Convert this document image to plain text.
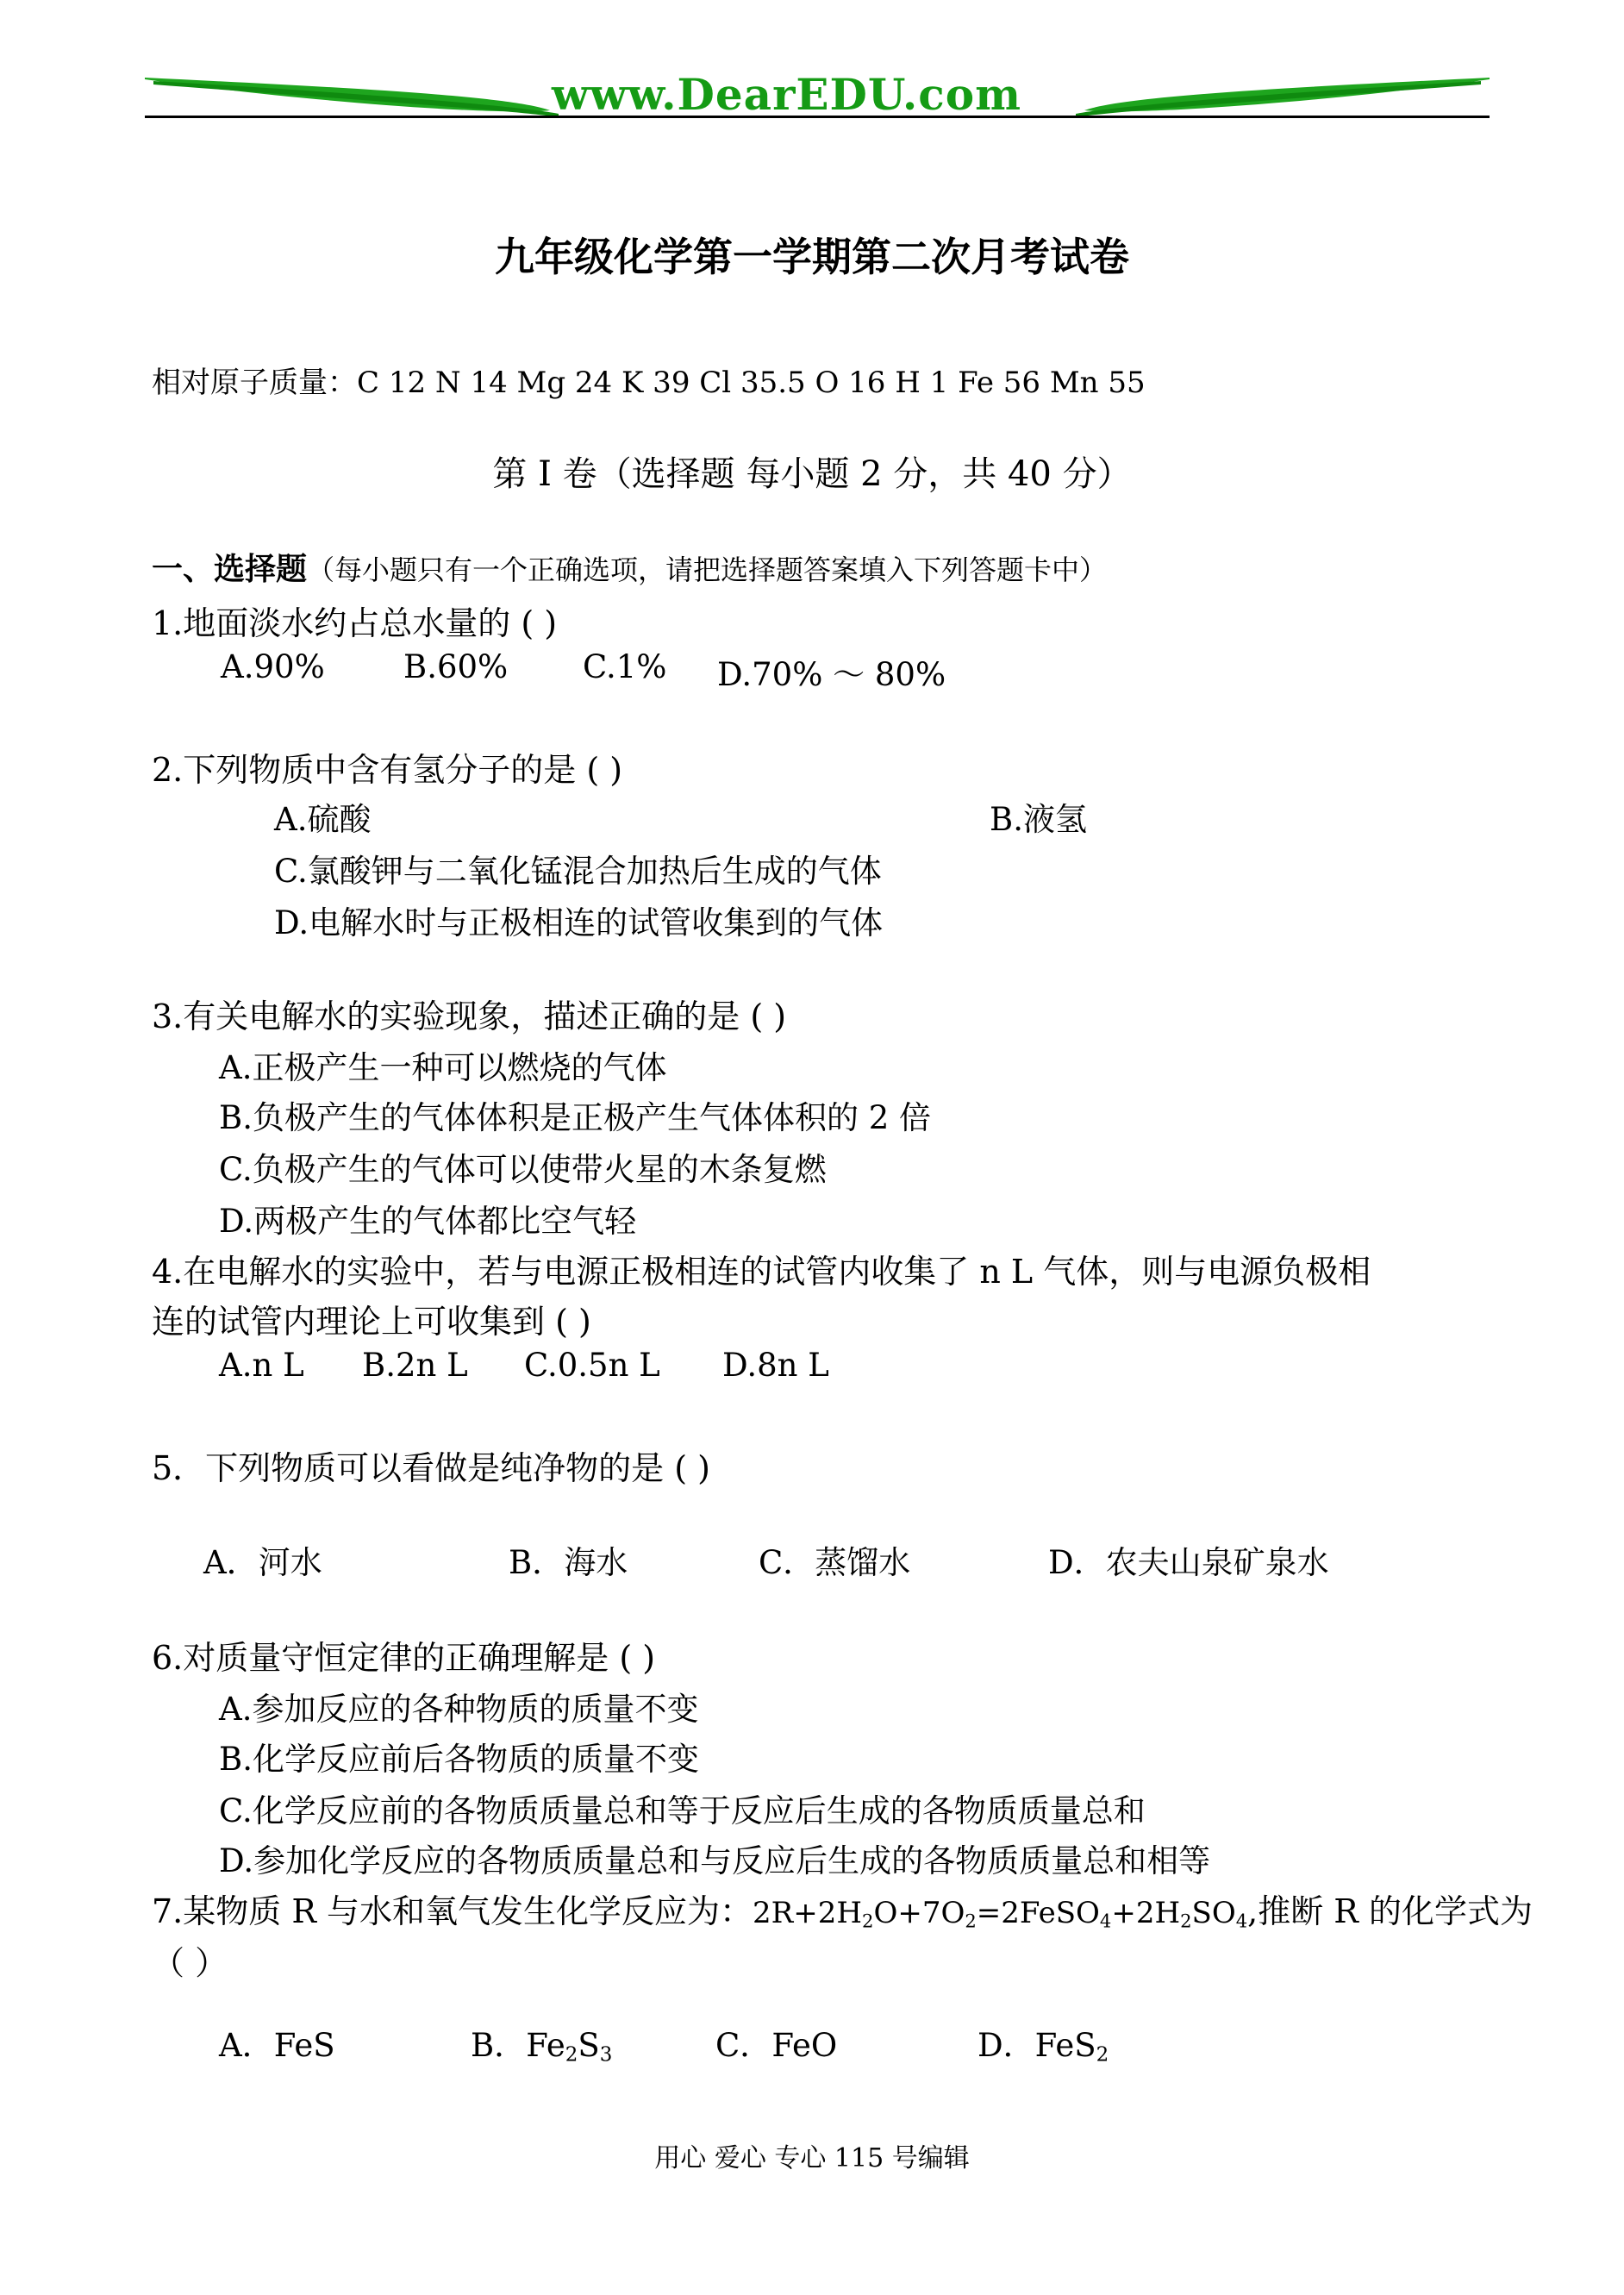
www.DearEDU.com
九年级化学第一学期第二次月考试卷
相对原子质量：C 12 N 14 Mg 24 K 39 Cl 35.5 O 16 H 1 Fe 56 Mn 55
第 I 卷（选择题 每小题 2 分，共 40 分）
一、选择题（每小题只有一个正确选项，请把选择题答案填入下列答题卡中）
1.地面淡水约占总水量的 ( )
A.90% B.60% C.1% D.70% ～ 80%
2.下列物质中含有氢分子的是 ( )
A.硫酸	B.液氢
C.氯酸钾与二氧化锰混合加热后生成的气体
D.电解水时与正极相连的试管收集到的气体
3.有关电解水的实验现象，描述正确的是 ( )
A.正极产生一种可以燃烧的气体
B.负极产生的气体体积是正极产生气体体积的 2 倍
C.负极产生的气体可以使带火星的木条复燃
D.两极产生的气体都比空气轻
4.在电解水的实验中，若与电源正极相连的试管内收集了 n L 气体，则与电源负极相
连的试管内理论上可收集到 ( )
A.n L B.2n L C.0.5n L D.8n L
5．下列物质可以看做是纯净物的是 ( )
A．河水	B．海水	C．蒸馏水	D．农夫山泉矿泉水
6.对质量守恒定律的正确理解是 ( )
A.参加反应的各种物质的质量不变
B.化学反应前后各物质的质量不变
C.化学反应前的各物质质量总和等于反应后生成的各物质质量总和
D.参加化学反应的各物质质量总和与反应后生成的各物质质量总和相等
7.某物质 R 与水和氧气发生化学反应为：2R+2H2O+7O2=2FeSO4+2H2SO4,推断 R 的化学式为
（ ）
A．FeS	B．Fe2S3	C．FeO	D．FeS2
用心 爱心 专心 115 号编辑
